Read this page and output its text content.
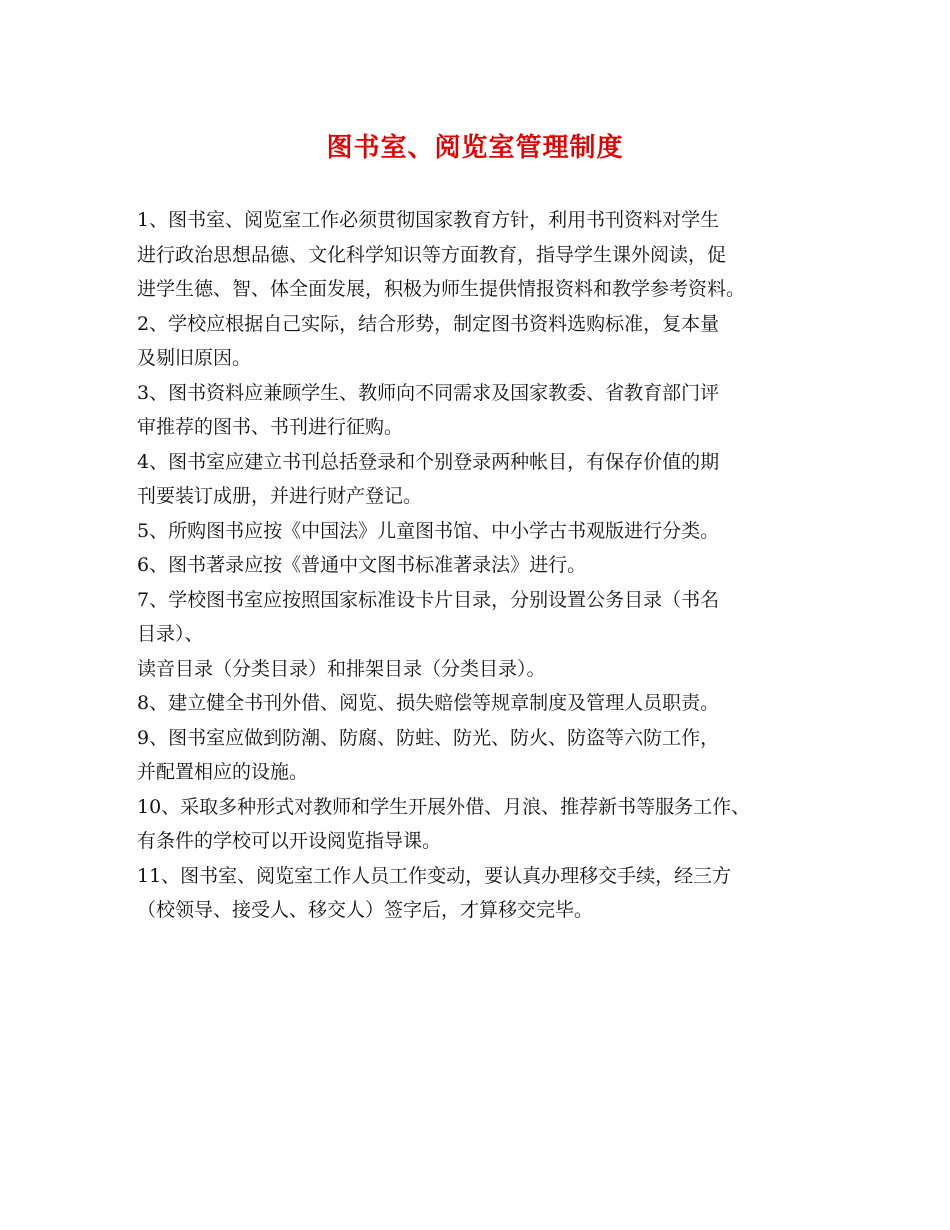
图书室、阅览室管理制度

1、图书室、阅览室工作必须贯彻国家教育方针，利用书刊资料对学生

进行政治思想品德、文化科学知识等方面教育，指导学生课外阅读，促

进学生德、智、体全面发展，积极为师生提供情报资料和教学参考资料。

2、学校应根据自己实际，结合形势，制定图书资料选购标准，复本量

及剔旧原因。

3、图书资料应兼顾学生、教师向不同需求及国家教委、省教育部门评

审推荐的图书、书刊进行征购。

4、图书室应建立书刊总括登录和个别登录两种帐目，有保存价值的期

刊要装订成册，并进行财产登记。

5、所购图书应按《中国法》儿童图书馆、中小学古书观版进行分类。

6、图书著录应按《普通中文图书标准著录法》进行。

7、学校图书室应按照国家标准设卡片目录，分别设置公务目录（书名

目录）、

读音目录（分类目录）和排架目录（分类目录）。

8、建立健全书刊外借、阅览、损失赔偿等规章制度及管理人员职责。

9、图书室应做到防潮、防腐、防蛀、防光、防火、防盗等六防工作，

并配置相应的设施。

10、采取多种形式对教师和学生开展外借、月浪、推荐新书等服务工作、

有条件的学校可以开设阅览指导课。

11、图书室、阅览室工作人员工作变动，要认真办理移交手续，经三方

（校领导、接受人、移交人）签字后，才算移交完毕。
